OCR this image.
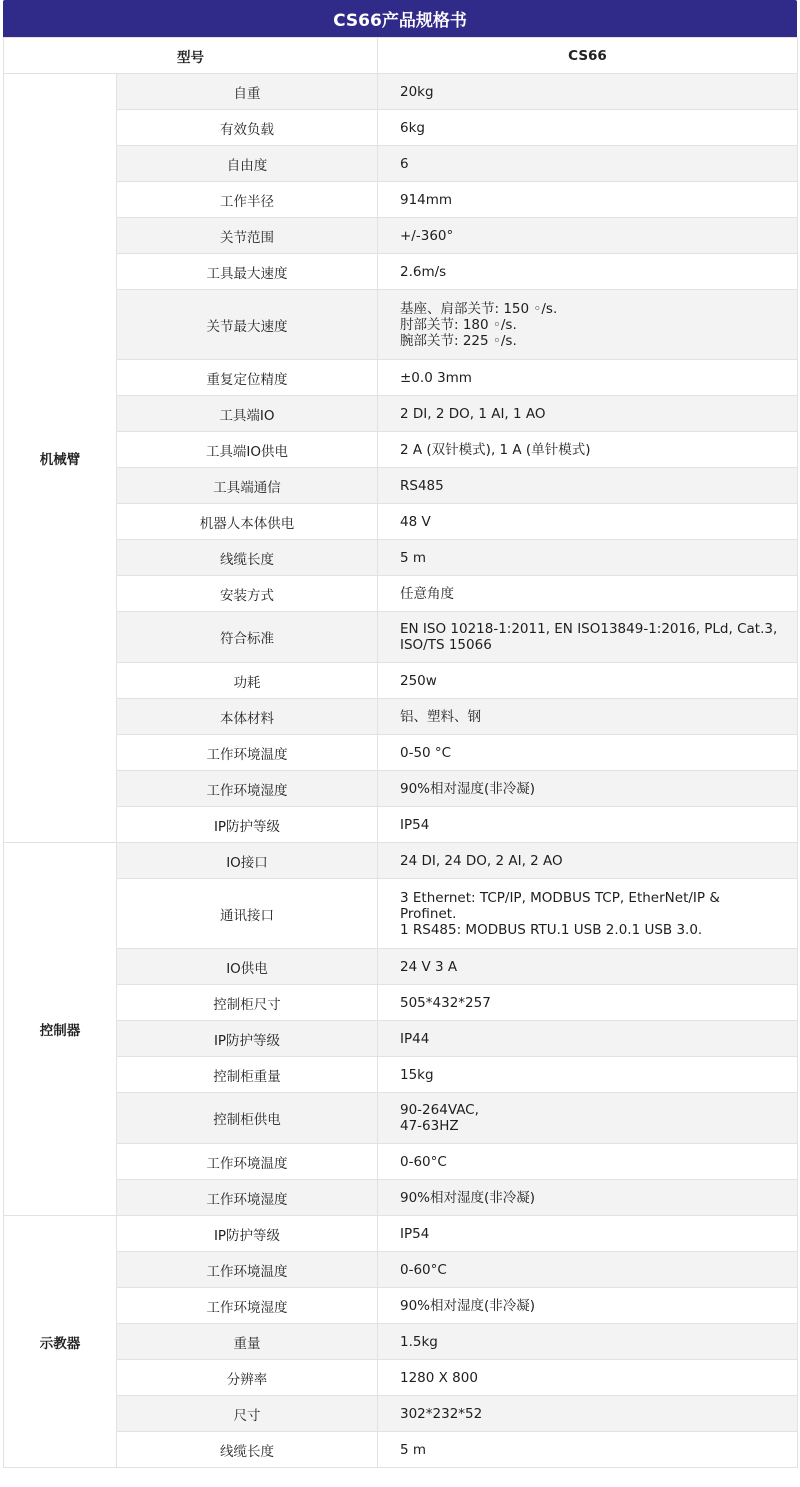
CS66产品规格书
型号		CS66
机械臂	自重	20kg
	有效负载	6kg
	自由度	6
	工作半径	914mm
	关节范围	+/-360°
	工具最大速度	2.6m/s
	关节最大速度	基座、肩部关节: 150 ◦/s.
肘部关节: 180 ◦/s.
腕部关节: 225 ◦/s.
	重复定位精度	±0.0 3mm
	工具端IO	2 DI, 2 DO, 1 AI, 1 AO
	工具端IO供电	2 A (双针模式), 1 A (单针模式)
	工具端通信	RS485
	机器人本体供电	48 V
	线缆长度	5 m
	安装方式	任意角度
	符合标准	EN ISO 10218-1:2011, EN ISO13849-1:2016, PLd, Cat.3,
ISO/TS 15066
	功耗	250w
	本体材料	铝、塑料、钢
	工作环境温度	0-50 °C
	工作环境湿度	90%相对湿度(非冷凝)
	IP防护等级	IP54
控制器	IO接口	24 DI, 24 DO, 2 AI, 2 AO
	通讯接口	3 Ethernet: TCP/IP, MODBUS TCP, EtherNet/IP &
Profinet.
1 RS485: MODBUS RTU.1 USB 2.0.1 USB 3.0.
	IO供电	24 V 3 A
	控制柜尺寸	505*432*257
	IP防护等级	IP44
	控制柜重量	15kg
	控制柜供电	90-264VAC,
47-63HZ
	工作环境温度	0-60°C
	工作环境湿度	90%相对湿度(非冷凝)
示教器	IP防护等级	IP54
	工作环境温度	0-60°C
	工作环境湿度	90%相对湿度(非冷凝)
	重量	1.5kg
	分辨率	1280 X 800
	尺寸	302*232*52
	线缆长度	5 m
